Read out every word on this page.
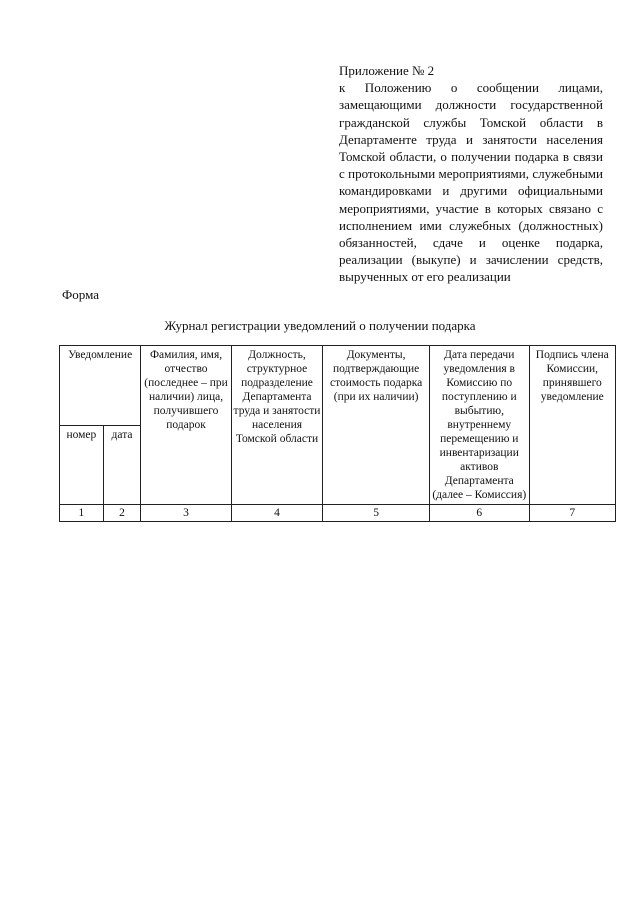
Приложение № 2
к Положению о сообщении лицами, замещающими должности государственной гражданской службы Томской области в Департаменте труда и занятости населения Томской области, о получении подарка в связи с протокольными мероприятиями, служебными командировками и другими официальными мероприятиями, участие в которых связано с исполнением ими служебных (должностных) обязанностей, сдаче и оценке подарка, реализации (выкупе) и зачислении средств, вырученных от его реализации
Форма
Журнал регистрации уведомлений о получении подарка
Уведомление		Фамилия, имя, отчество (последнее – при наличии) лица, получившего подарок	Должность, структурное подразделение Департамента труда и занятости населения Томской области	Документы, подтверждающие стоимость подарка (при их наличии)	Дата передачи уведомления в Комиссию по поступлению и выбытию, внутреннему перемещению и инвентаризации активов Департамента (далее – Комиссия)	Подпись члена Комиссии, принявшего уведомление
номер	дата					
1	2	3	4	5	6	7
